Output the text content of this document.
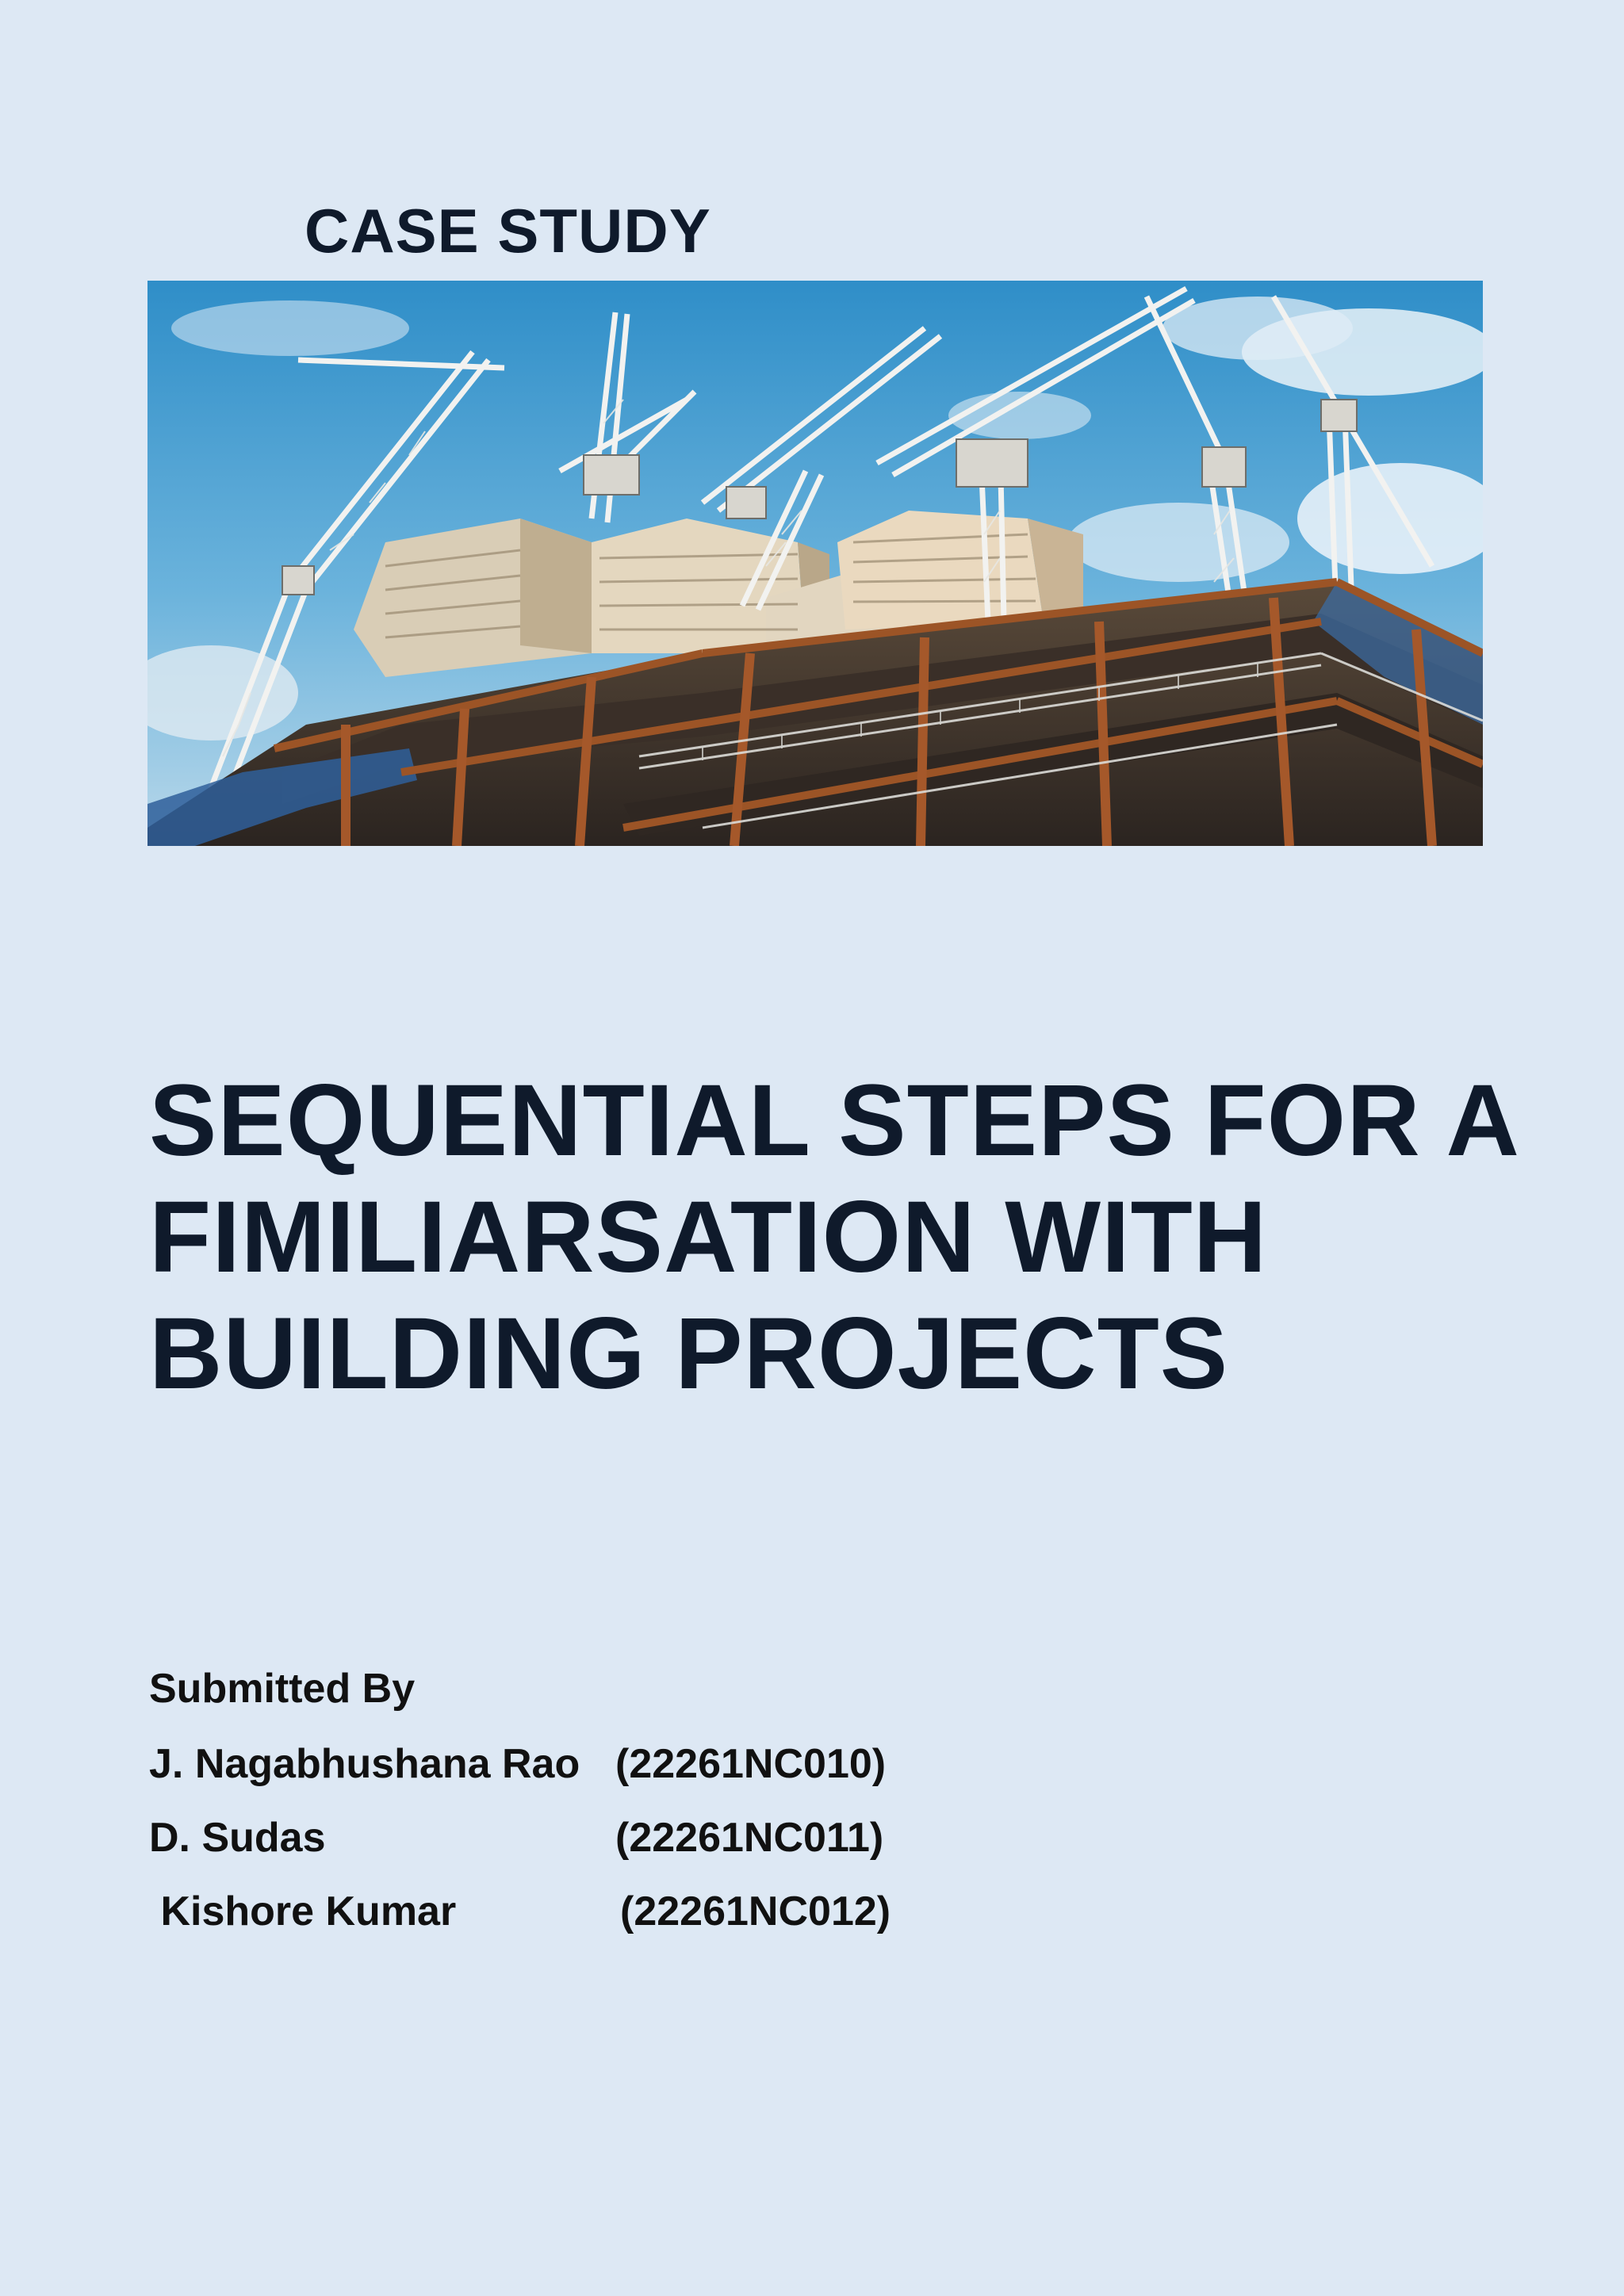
CASE STUDY
SEQUENTIAL STEPS FOR A
FIMILIARSATION WITH
BUILDING PROJECTS
Submitted By
J. Nagabhushana Rao (22261NC010)
D. Sudas	(22261NC011)
Kishore Kumar	(22261NC012)
